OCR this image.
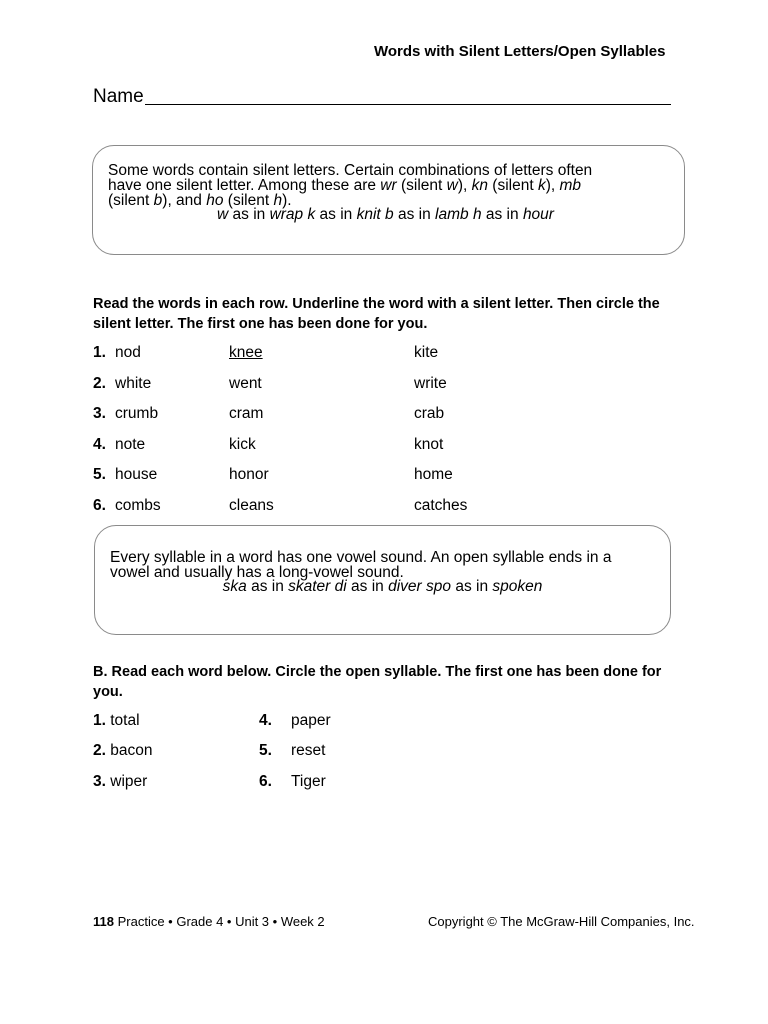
Words with Silent Letters/Open Syllables
Name
Some words contain silent letters. Certain combinations of letters often
have one silent letter. Among these are wr (silent w), kn (silent k), mb
(silent b), and ho (silent h).
w as in wrap k as in knit b as in lamb h as in hour
Read the words in each row. Underline the word with a silent letter. Then circle the silent letter. The first one has been done for you.
1. nod	knee	kite
2. white	went	write
3. crumb	cram	crab
4. note	kick	knot
5. house	honor	home
6. combs	cleans	catches
Every syllable in a word has one vowel sound. An open syllable ends in a
vowel and usually has a long-vowel sound.
ska as in skater di as in diver spo as in spoken
B. Read each word below. Circle the open syllable. The first one has been done for you.
1. total
2. bacon
3. wiper
4. paper
5. reset
6. Tiger
118 Practice • Grade 4 • Unit 3 • Week 2	Copyright © The McGraw-Hill Companies, Inc.
